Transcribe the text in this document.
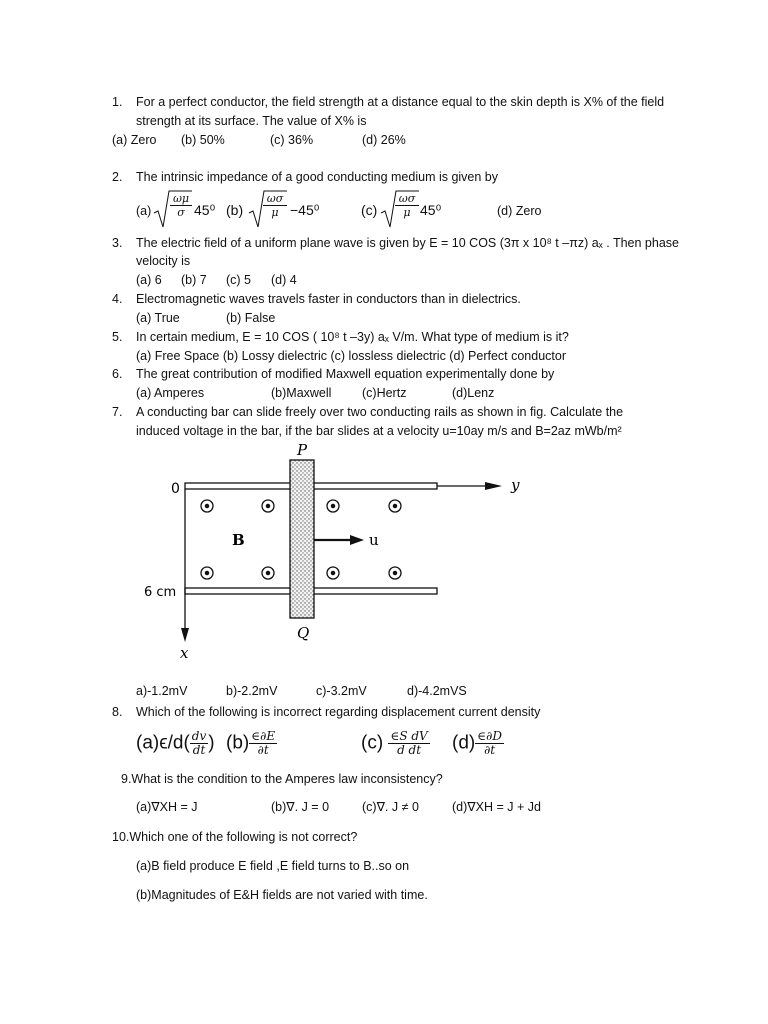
1. For a perfect conductor, the field strength at a distance equal to the skin depth is X% of the field
strength at its surface. The value of X% is
(a) Zero (b) 50%	(c) 36%	(d) 26%
2. The intrinsic impedance of a good conducting medium is given by
$(a) \frac{\omega\mu}{\sigma} 45^0$ $(b) \frac{\omega\sigma}{\mu} -45^0$	$(c) \frac{\omega\sigma}{\mu} 45^0$	(d) Zero
3. The electric field of a uniform plane wave is given by E = 10 COS (3π x 10⁸ t –πz) aₓ . Then phase
velocity is
(a) 6 (b) 7 (c) 5 (d) 4
4. Electromagnetic waves travels faster in conductors than in dielectrics.
(a) True	(b) False
5. In certain medium, E = 10 COS ( 10⁸ t –3y) aₓ V/m. What type of medium is it?
(a) Free Space (b) Lossy dielectric (c) lossless dielectric (d) Perfect conductor
6. The great contribution of modified Maxwell equation experimentally done by
(a) Amperes	(b)Maxwell (c)Hertz	(d)Lenz
7. A conducting bar can slide freely over two conducting rails as shown in fig. Calculate the
induced voltage in the bar, if the bar slides at a velocity u=10ay m/s and B=2az mWb/m²
P
Q
0	y
B	u
6 cm
x
a)-1.2mV	b)-2.2mV	c)-3.2mV	d)-4.2mVS
8. Which of the following is incorrect regarding displacement current density
$(a)\epsilon/d( \frac{dv}{dt}$ ) $(b) \frac{\in\partial E}{\partial t}$	$(c) \frac{\text{∈S dV}}{\text{d dt}} (d) \frac{\in\partial D}{\partial t}$
9.What is the condition to the Amperes law inconsistency?
(a)∇XH = J	(b)∇. J = 0	(c)∇. J ≠ 0	(d)∇XH = J + Jd
10.Which one of the following is not correct?
(a)B field produce E field ,E field turns to B..so on
(b)Magnitudes of E&H fields are not varied with time.
